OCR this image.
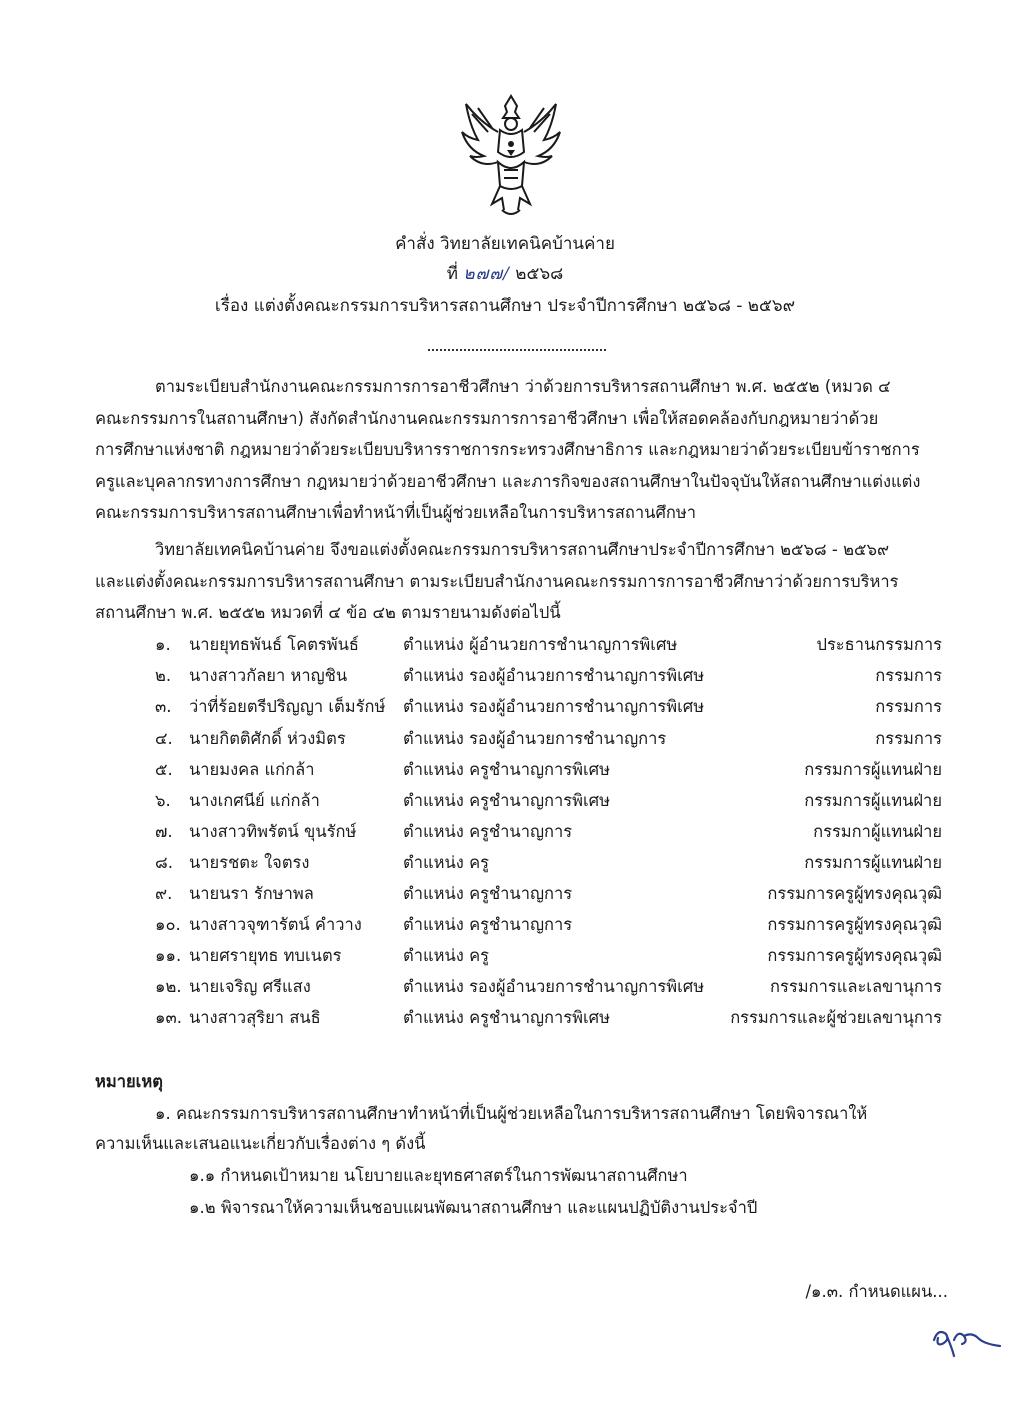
คำสั่ง วิทยาลัยเทคนิคบ้านค่าย
ที่ ๒๗๗/ ๒๕๖๘
เรื่อง แต่งตั้งคณะกรรมการบริหารสถานศึกษา ประจำปีการศึกษา ๒๕๖๘ - ๒๕๖๙
ตามระเบียบสำนักงานคณะกรรมการการอาชีวศึกษา ว่าด้วยการบริหารสถานศึกษา พ.ศ. ๒๕๕๒ (หมวด ๔
คณะกรรมการในสถานศึกษา) สังกัดสำนักงานคณะกรรมการการอาชีวศึกษา เพื่อให้สอดคล้องกับกฎหมายว่าด้วย
การศึกษาแห่งชาติ กฎหมายว่าด้วยระเบียบบริหารราชการกระทรวงศึกษาธิการ และกฎหมายว่าด้วยระเบียบข้าราชการ
ครูและบุคลากรทางการศึกษา กฎหมายว่าด้วยอาชีวศึกษา และภารกิจของสถานศึกษาในปัจจุบันให้สถานศึกษาแต่งแต่ง
คณะกรรมการบริหารสถานศึกษาเพื่อทำหน้าที่เป็นผู้ช่วยเหลือในการบริหารสถานศึกษา
วิทยาลัยเทคนิคบ้านค่าย จึงขอแต่งตั้งคณะกรรมการบริหารสถานศึกษาประจำปีการศึกษา ๒๕๖๘ - ๒๕๖๙
และแต่งตั้งคณะกรรมการบริหารสถานศึกษา ตามระเบียบสำนักงานคณะกรรมการการอาชีวศึกษาว่าด้วยการบริหาร
สถานศึกษา พ.ศ. ๒๕๕๒ หมวดที่ ๔ ข้อ ๔๒ ตามรายนามดังต่อไปนี้
๑. นายยุทธพันธ์ โคตรพันธ์	ตำแหน่ง ผู้อำนวยการชำนาญการพิเศษ	ประธานกรรมการ
๒. นางสาวกัลยา หาญชิน	ตำแหน่ง รองผู้อำนวยการชำนาญการพิเศษ	กรรมการ
๓. ว่าที่ร้อยตรีปริญญา เต็มรักษ์ ตำแหน่ง รองผู้อำนวยการชำนาญการพิเศษ	กรรมการ
๔. นายกิตติศักดิ์ ห่วงมิตร	ตำแหน่ง รองผู้อำนวยการชำนาญการ	กรรมการ
๕. นายมงคล แก่กล้า	ตำแหน่ง ครูชำนาญการพิเศษ	กรรมการผู้แทนฝ่าย
๖. นางเกศนีย์ แก่กล้า	ตำแหน่ง ครูชำนาญการพิเศษ	กรรมการผู้แทนฝ่าย
๗. นางสาวทิพรัตน์ ขุนรักษ์	ตำแหน่ง ครูชำนาญการ	กรรมกาผู้แทนฝ่าย
๘. นายรชตะ ใจตรง	ตำแหน่ง ครู	กรรมการผู้แทนฝ่าย
๙. นายนรา รักษาพล	ตำแหน่ง ครูชำนาญการ	กรรมการครูผู้ทรงคุณวุฒิ
๑๐. นางสาวจุฑารัตน์ คำวาง ตำแหน่ง ครูชำนาญการ	กรรมการครูผู้ทรงคุณวุฒิ
๑๑. นายศรายุทธ ทบเนตร	ตำแหน่ง ครู	กรรมการครูผู้ทรงคุณวุฒิ
๑๒. นายเจริญ ศรีแสง	ตำแหน่ง รองผู้อำนวยการชำนาญการพิเศษ	กรรมการและเลขานุการ
๑๓. นางสาวสุริยา สนธิ	ตำแหน่ง ครูชำนาญการพิเศษ	กรรมการและผู้ช่วยเลขานุการ
หมายเหตุ
๑. คณะกรรมการบริหารสถานศึกษาทำหน้าที่เป็นผู้ช่วยเหลือในการบริหารสถานศึกษา โดยพิจารณาให้
ความเห็นและเสนอแนะเกี่ยวกับเรื่องต่าง ๆ ดังนี้
๑.๑ กำหนดเป้าหมาย นโยบายและยุทธศาสตร์ในการพัฒนาสถานศึกษา
๑.๒ พิจารณาให้ความเห็นชอบแผนพัฒนาสถานศึกษา และแผนปฏิบัติงานประจำปี
/๑.๓. กำหนดแผน...
